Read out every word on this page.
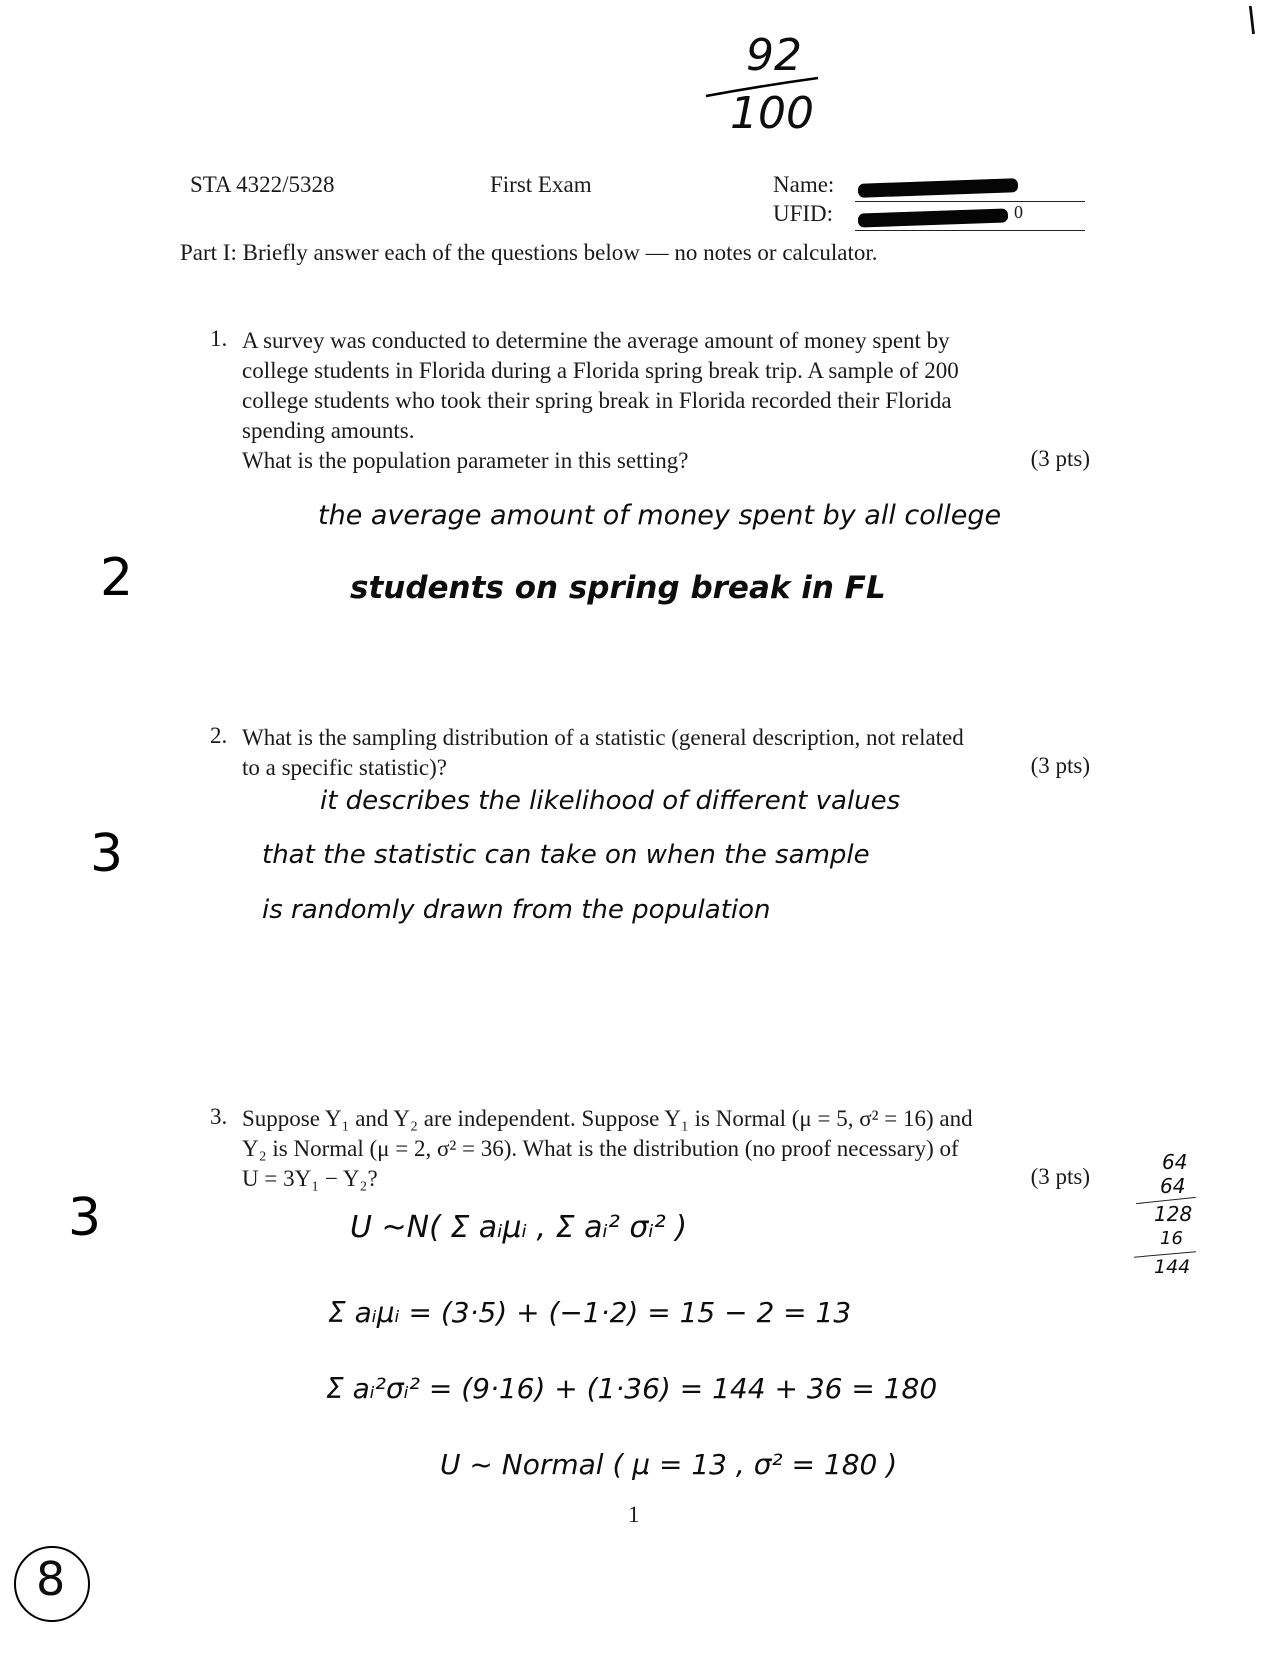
\
92
100
STA 4322/5328	First Exam	Name:
UFID:	0
Part I: Briefly answer each of the questions below — no notes or calculator.
1. A survey was conducted to determine the average amount of money spent by
college students in Florida during a Florida spring break trip. A sample of 200
college students who took their spring break in Florida recorded their Florida
spending amounts.
What is the population parameter in this setting?	(3 pts)
2
the average amount of money spent by all college
students on spring break in FL
2. What is the sampling distribution of a statistic (general description, not related
to a specific statistic)?	(3 pts)
3
it describes the likelihood of different values
that the statistic can take on when the sample
is randomly drawn from the population
3. Suppose Y₁ and Y₂ are independent. Suppose Y₁ is Normal (μ = 5, σ² = 16) and
Y₂ is Normal (μ = 2, σ² = 36). What is the distribution (no proof necessary) of
U = 3Y₁ − Y₂?	(3 pts)
3	U ~N( Σ aᵢμᵢ , Σ aᵢ² σᵢ² )
Σ aᵢμᵢ = (3·5) + (−1·2) = 15 − 2 = 13
Σ aᵢ²σᵢ² = (9·16) + (1·36) = 144 + 36 = 180
U ~ Normal ( μ = 13 , σ² = 180 )
64
64
128
16
144
1
8
